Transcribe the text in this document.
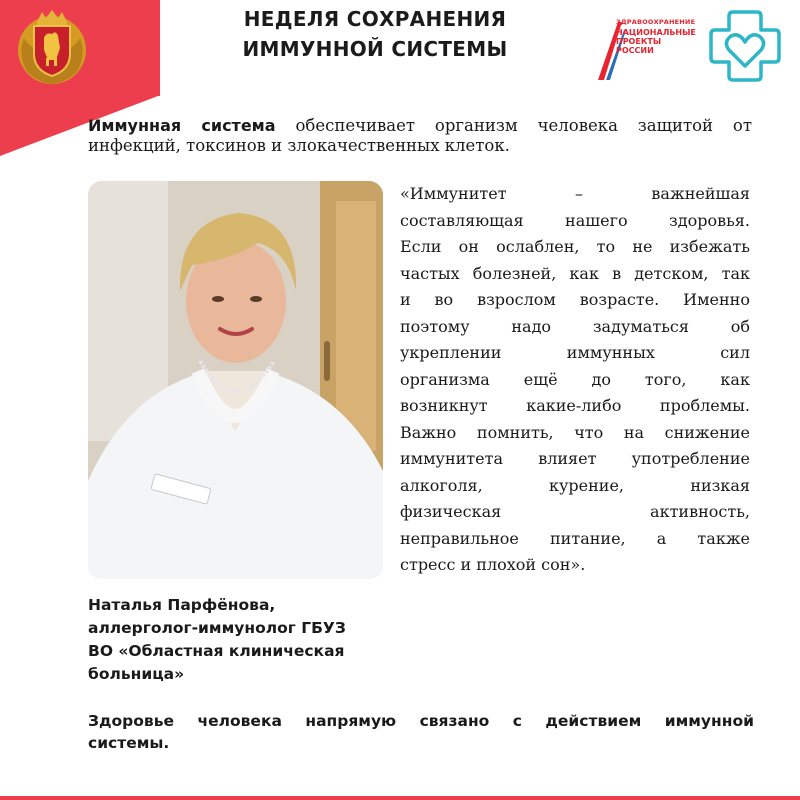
НЕДЕЛЯ СОХРАНЕНИЯ
ИММУННОЙ СИСТЕМЫ
ЗДРАВООХРАНЕНИЕ
НАЦИОНАЛЬНЫЕ
ПРОЕКТЫ
РОССИИ
Иммунная система обеспечивает организм человека защитой от инфекций, токсинов и злокачественных клеток.
«Иммунитет	–	важнейшая
составляющая	нашего	здоровья.
Если он ослаблен, то не избежать
частых болезней, как в детском, так
и во взрослом возрасте. Именно
поэтому	надо	задуматься	об
укреплении	иммунных	сил
организма ещё до того, как
возникнут какие-либо проблемы.
Важно помнить, что на снижение
иммунитета влияет употребление
алкоголя,	курение,	низкая
физическая	активность,
неправильное питание, а также
стресс и плохой сон».
Наталья Парфёнова,
аллерголог-иммунолог ГБУЗ
ВО «Областная клиническая
больница»
Здоровье человека напрямую связано с действием иммунной
системы.
